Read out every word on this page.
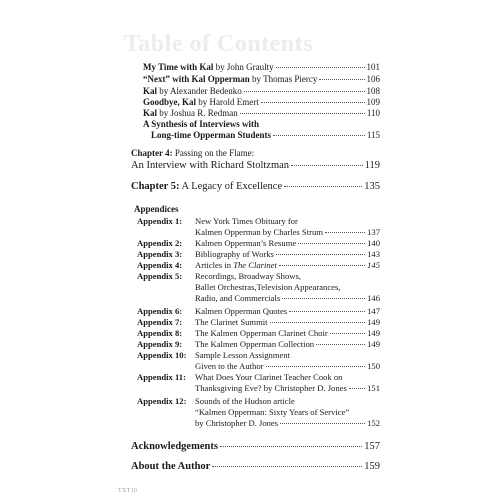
Table of Contents
My Time with Kal by John Graulty	101
“Next” with Kal Opperman by Thomas Piercy	106
Kal by Alexander Bedenko	108
Goodbye, Kal by Harold Emert	109
Kal by Joshua R. Redman	110
A Synthesis of Interviews with
Long-time Opperman Students	115
Chapter 4: Passing on the Flame:
An Interview with Richard Stoltzman	119
Chapter 5: A Legacy of Excellence	135
Appendices
Appendix 1:	New York Times Obituary for
Kalmen Opperman by Charles Strum	137
Appendix 2:	Kalmen Opperman’s Resume	140
Appendix 3:	Bibliography of Works	143
Appendix 4:	Articles in The Clarinet	145
Appendix 5:	Recordings, Broadway Shows,
Ballet Orchestras,Television Appearances,
Radio, and Commercials	146
Appendix 6:	Kalmen Opperman Quotes	147
Appendix 7:	The Clarinet Summit	149
Appendix 8:	The Kalmen Opperman Clarinet Choir	149
Appendix 9:	The Kalmen Opperman Collection	149
Appendix 10: Sample Lesson Assignment
Given to the Author	150
Appendix 11:	What Does Your Clarinet Teacher Cook on
Thanksgiving Eve? by Christopher D. Jones 151
Appendix 12: Sounds of the Hudson article
“Kalmen Opperman: Sixty Years of Service”
by Christopher D. Jones	152
Acknowledgements	157
About the Author	159
TXT10
